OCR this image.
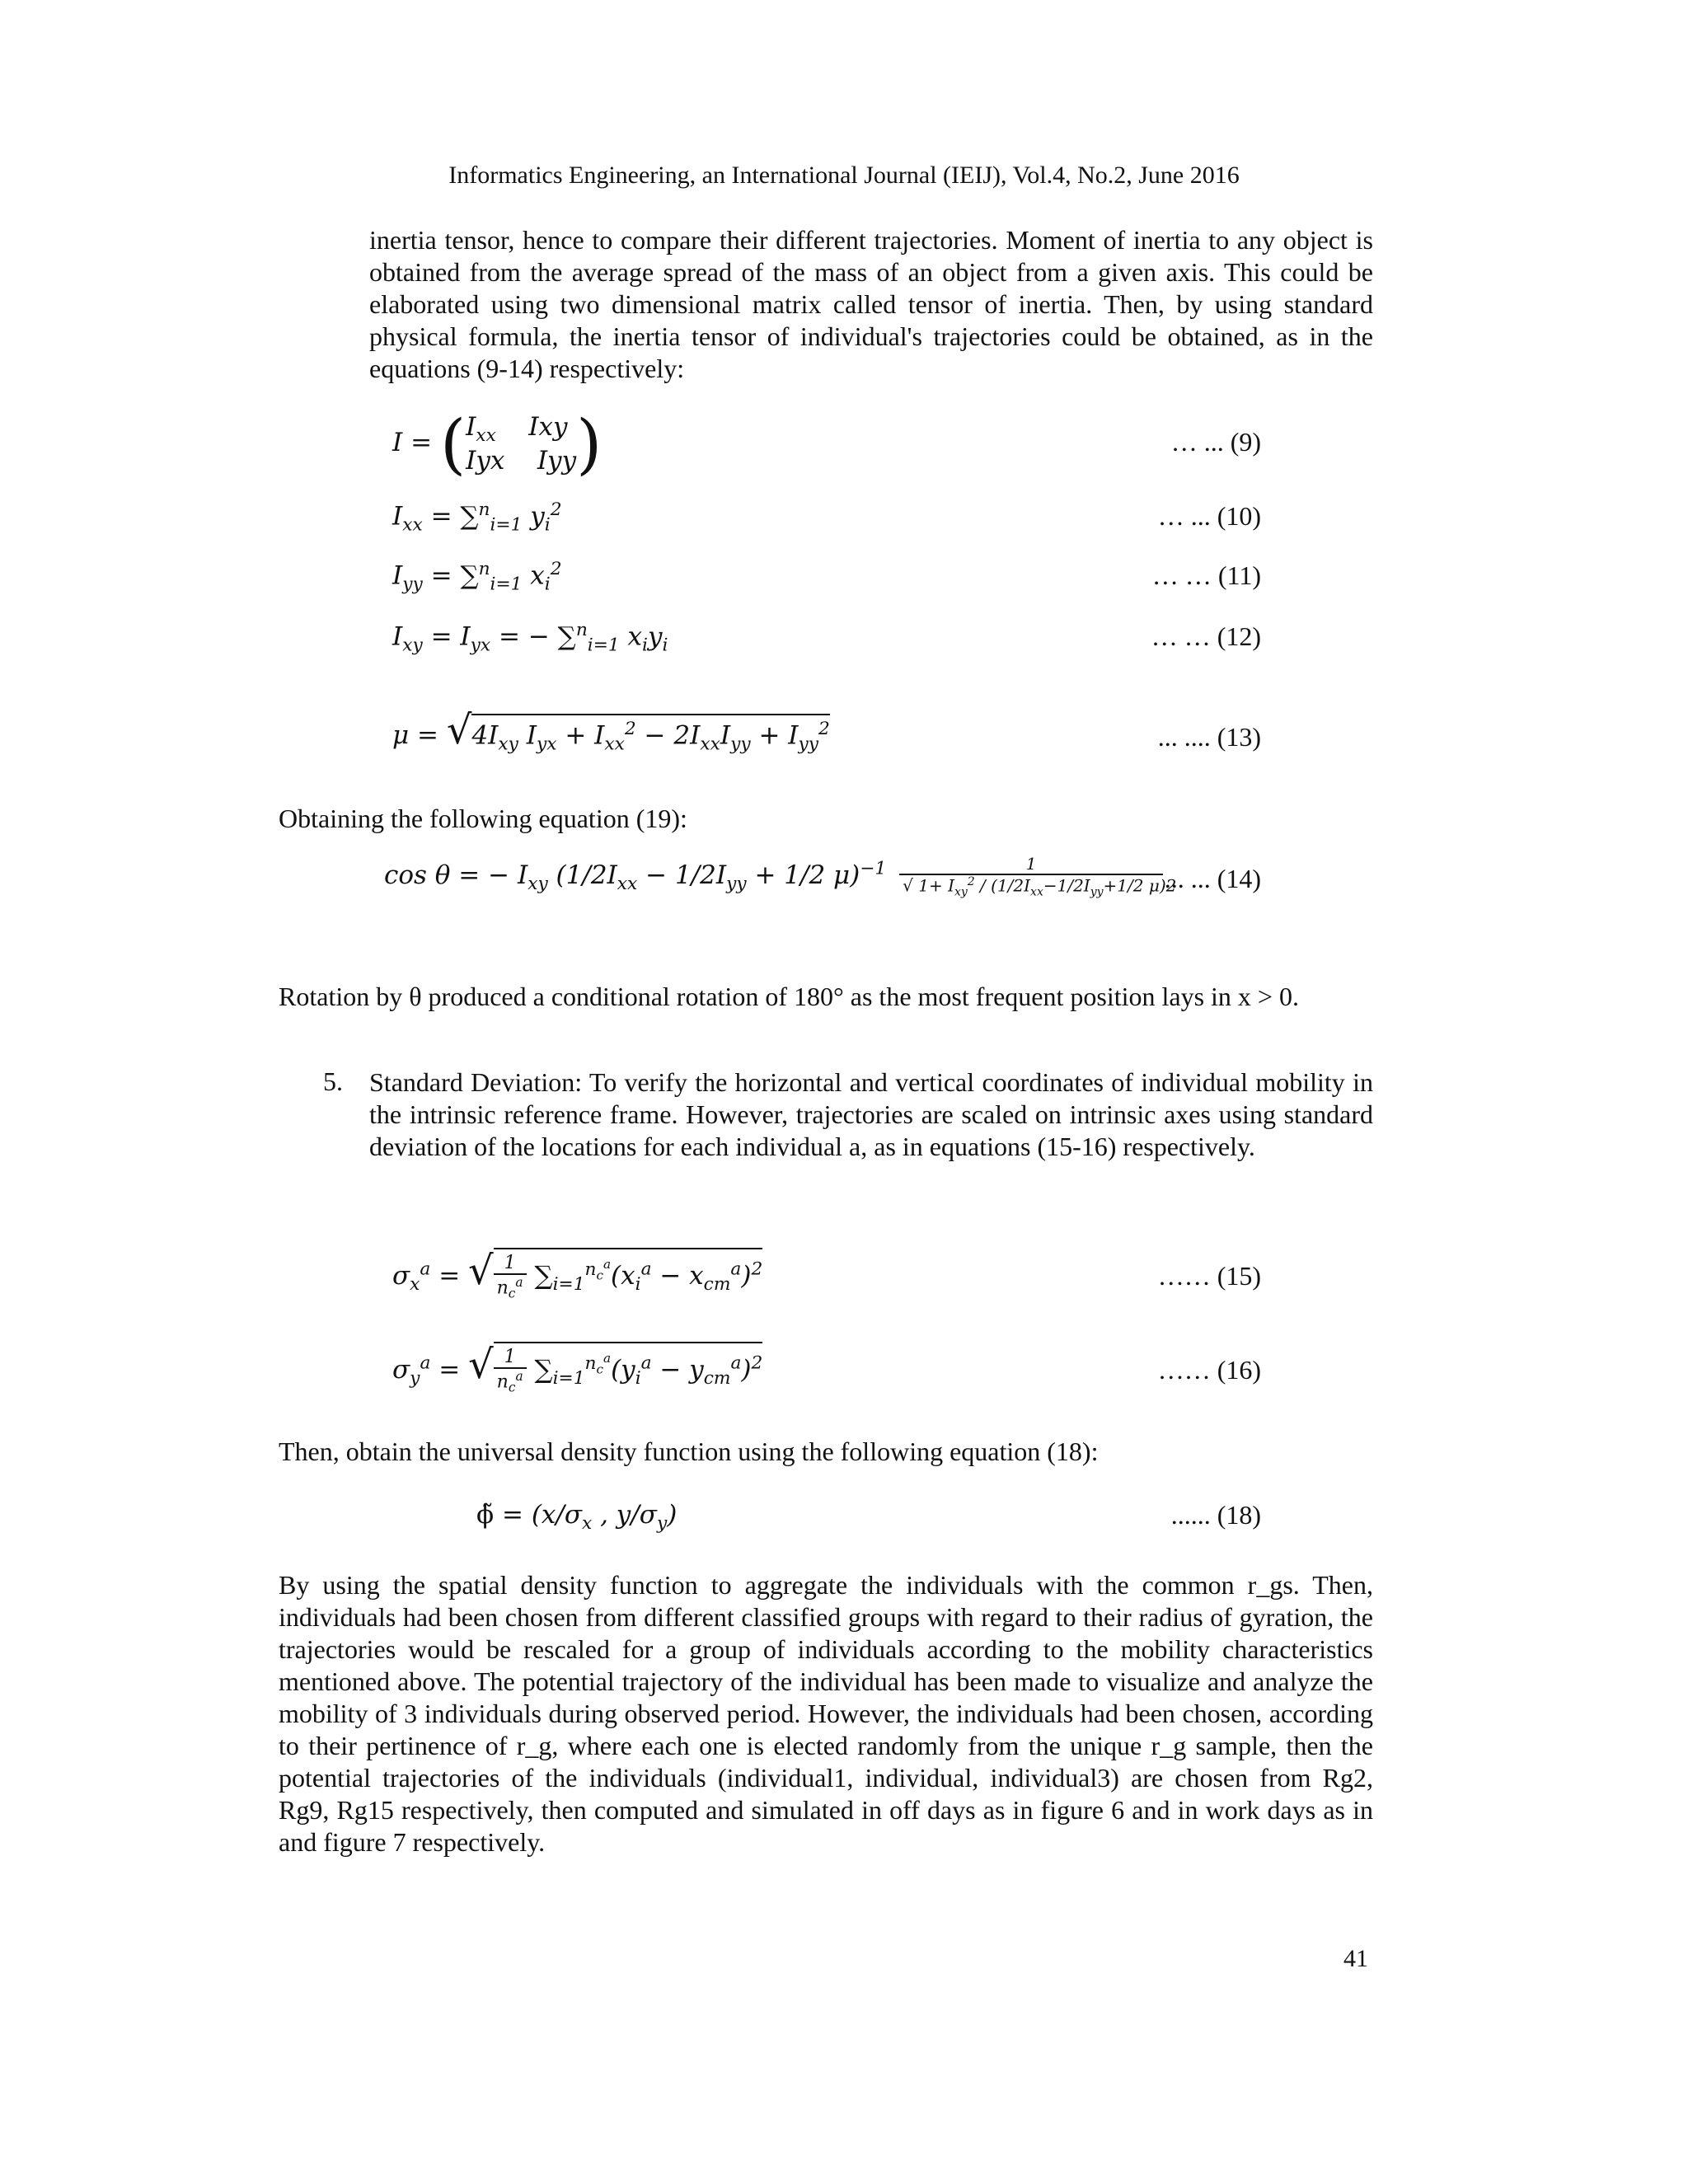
Informatics Engineering, an International Journal (IEIJ), Vol.4, No.2, June 2016
inertia tensor, hence to compare their different trajectories. Moment of inertia to any object is obtained from the average spread of the mass of an object from a given axis. This could be elaborated using two dimensional matrix called tensor of inertia. Then, by using standard physical formula, the inertia tensor of individual's trajectories could be obtained, as in the equations (9-14) respectively:
I = ( $I_{xx}$    Ixy
Iyx    Iyy )	… ... (9)
$I_{xx} = \sum^n_{i=1}$ $y_i^2$	… ... (10)
$I_{yy} = \sum^n_{i=1}$ $x_i^2$	… … (11)
$I_{xy} = I_{yx}$ = − ∑$^n_{i=1}$ $x_iy_i$	… … (12)
$\mu = √4I_{xy}$ $I_{yx} + I_{xx}^2 - 2I_{xx}I_{yy} + I_{yy}^2$	... .... (13)
Obtaining the following equation (19):
cos θ = − $I_{xy}$ ($1/2I_{xx} - 1/2I_{yy} + 1/2$ $\mu)^{-1} \frac{1}{√ 1+ I_{xy}^2 / (1/2I_{xx}-1/2I_{yy}+1/2 \mu)2}$ ... ... (14)
Rotation by θ produced a conditional rotation of 180° as the most frequent position lays in x > 0.
5. Standard Deviation: To verify the horizontal and vertical coordinates of individual mobility in the intrinsic reference frame. However, trajectories are scaled on intrinsic axes using standard deviation of the locations for each individual a, as in equations (15-16) respectively.
$\sigma_x^a$ = √ $\frac{1}{n_c^a} \sum_{i=1}^{n_c^a}(x_i^a - x_{cm}^a)^2$	…… (15)
$\sigma_y^a$ = √ $\frac{1}{n_c^a} \sum_{i=1}^{n_c^a}(y_i^a - y_{cm}^a)^2$	…… (16)
Then, obtain the universal density function using the following equation (18):
ϕ̃ = ($x/\sigma_x$ , $y/\sigma_y$)	...... (18)
By using the spatial density function to aggregate the individuals with the common r_gs. Then, individuals had been chosen from different classified groups with regard to their radius of gyration, the trajectories would be rescaled for a group of individuals according to the mobility characteristics mentioned above. The potential trajectory of the individual has been made to visualize and analyze the mobility of 3 individuals during observed period. However, the individuals had been chosen, according to their pertinence of r_g, where each one is elected randomly from the unique r_g sample, then the potential trajectories of the individuals (individual1, individual, individual3) are chosen from Rg2, Rg9, Rg15 respectively, then computed and simulated in off days as in figure 6 and in work days as in and figure 7 respectively.
41
